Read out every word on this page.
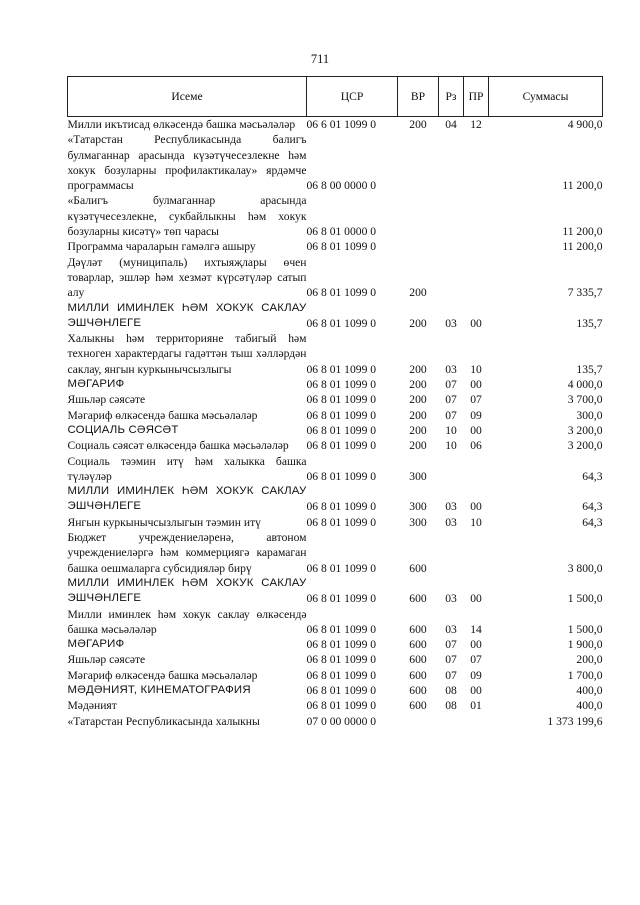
711
Исеме	ЦСР	ВР	Рз	ПР	Суммасы
Милли икътисад өлкәсендә башка мәсьәләләр	06 6 01 1099 0	200	04	12	4 900,0
«Татарстан Республикасында балигъ булмаганнар арасында күзәтүчесезлекне һәм хокук бозуларны профилактикалау» ярдәмче программасы	06 8 00 0000 0				11 200,0
«Балигъ булмаганнар арасында күзәтүчесезлекне, сукбайлыкны һәм хокук бозуларны кисәтү» төп чарасы	06 8 01 0000 0				11 200,0
Программа чараларын гамәлгә ашыру	06 8 01 1099 0				11 200,0
Дәүләт (муниципаль) ихтыяҗлары өчен товарлар, эшләр һәм хезмәт күрсәтүләр сатып алу	06 8 01 1099 0	200			7 335,7
МИЛЛИ ИМИНЛЕК ҺӘМ ХОКУК САКЛАУ ЭШЧӘНЛЕГЕ	06 8 01 1099 0	200	03	00	135,7
Халыкны һәм территорияне табигый һәм техноген характердагы гадәттән тыш хәлләрдән саклау, янгын куркынычсызлыгы	06 8 01 1099 0	200	03	10	135,7
МӘГАРИФ	06 8 01 1099 0	200	07	00	4 000,0
Яшьләр сәясәте	06 8 01 1099 0	200	07	07	3 700,0
Мәгариф өлкәсендә башка мәсьәләләр	06 8 01 1099 0	200	07	09	300,0
СОЦИАЛЬ СӘЯСӘТ	06 8 01 1099 0	200	10	00	3 200,0
Социаль сәясәт өлкәсендә башка мәсьәләләр	06 8 01 1099 0	200	10	06	3 200,0
Социаль тәэмин итү һәм халыкка башка түләүләр	06 8 01 1099 0	300			64,3
МИЛЛИ ИМИНЛЕК ҺӘМ ХОКУК САКЛАУ ЭШЧӘНЛЕГЕ	06 8 01 1099 0	300	03	00	64,3
Янгын куркынычсызлыгын тәэмин итү	06 8 01 1099 0	300	03	10	64,3
Бюджет учреждениеләренә, автоном учреждениеләргә һәм коммерциягә карамаган башка оешмаларга субсидияләр бирү	06 8 01 1099 0	600			3 800,0
МИЛЛИ ИМИНЛЕК ҺӘМ ХОКУК САКЛАУ ЭШЧӘНЛЕГЕ	06 8 01 1099 0	600	03	00	1 500,0
Милли иминлек һәм хокук саклау өлкәсендә башка мәсьәләләр	06 8 01 1099 0	600	03	14	1 500,0
МӘГАРИФ	06 8 01 1099 0	600	07	00	1 900,0
Яшьләр сәясәте	06 8 01 1099 0	600	07	07	200,0
Мәгариф өлкәсендә башка мәсьәләләр	06 8 01 1099 0	600	07	09	1 700,0
МӘДӘНИЯТ, КИНЕМАТОГРАФИЯ	06 8 01 1099 0	600	08	00	400,0
Мәдәният	06 8 01 1099 0	600	08	01	400,0
«Татарстан Республикасында халыкны	07 0 00 0000 0				1 373 199,6
